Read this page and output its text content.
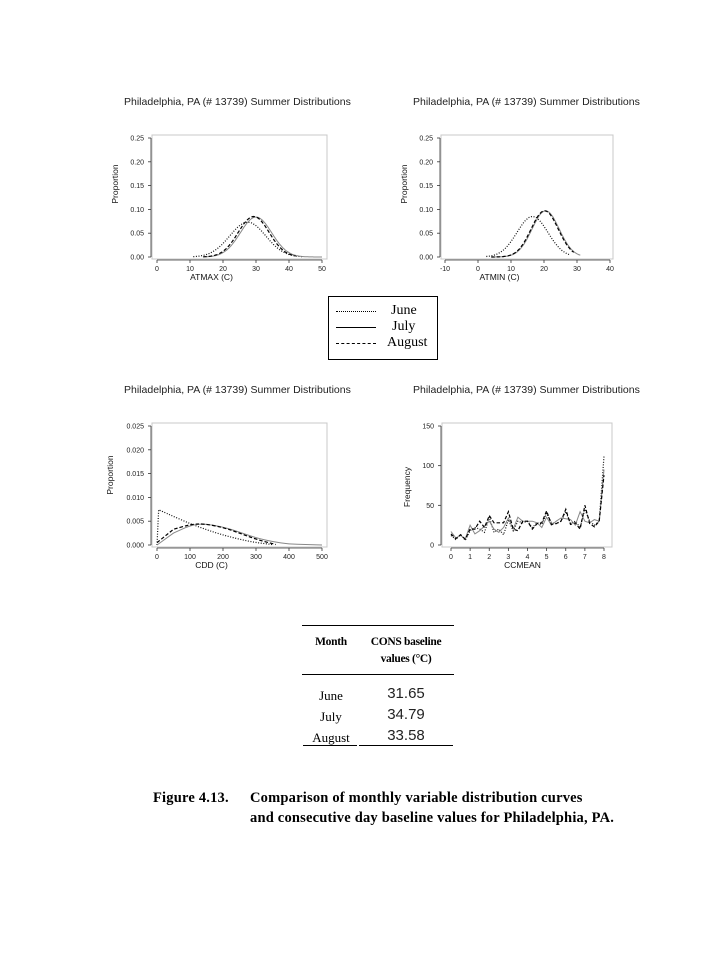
Philadelphia, PA (# 13739) Summer Distributions	Philadelphia, PA (# 13739) Summer Distributions
Philadelphia, PA (# 13739) Summer Distributions	Philadelphia, PA (# 13739) Summer Distributions
0.00
0.05
0.10
0.15
0.20
0.25
0	10	20	30	40	50
ATMAX (C)
Proportion
0.00
0.05
0.10
0.15
0.20
0.25
-10	0	10	20	30	40
ATMIN (C)
Proportion
0.000
0.005
0.010
0.015
0.020
0.025
0	100	200	300	400	500
CDD (C)
Proportion
0
50
100
150
0 1 2 3 4 5 6 7 8
CCMEAN
Frequency
June
July
August
Month	CONS baseline
values (°C)
June	31.65
July	34.79
August	33.58
Figure 4.13. Comparison of monthly variable distribution curves
and consecutive day baseline values for Philadelphia, PA.
